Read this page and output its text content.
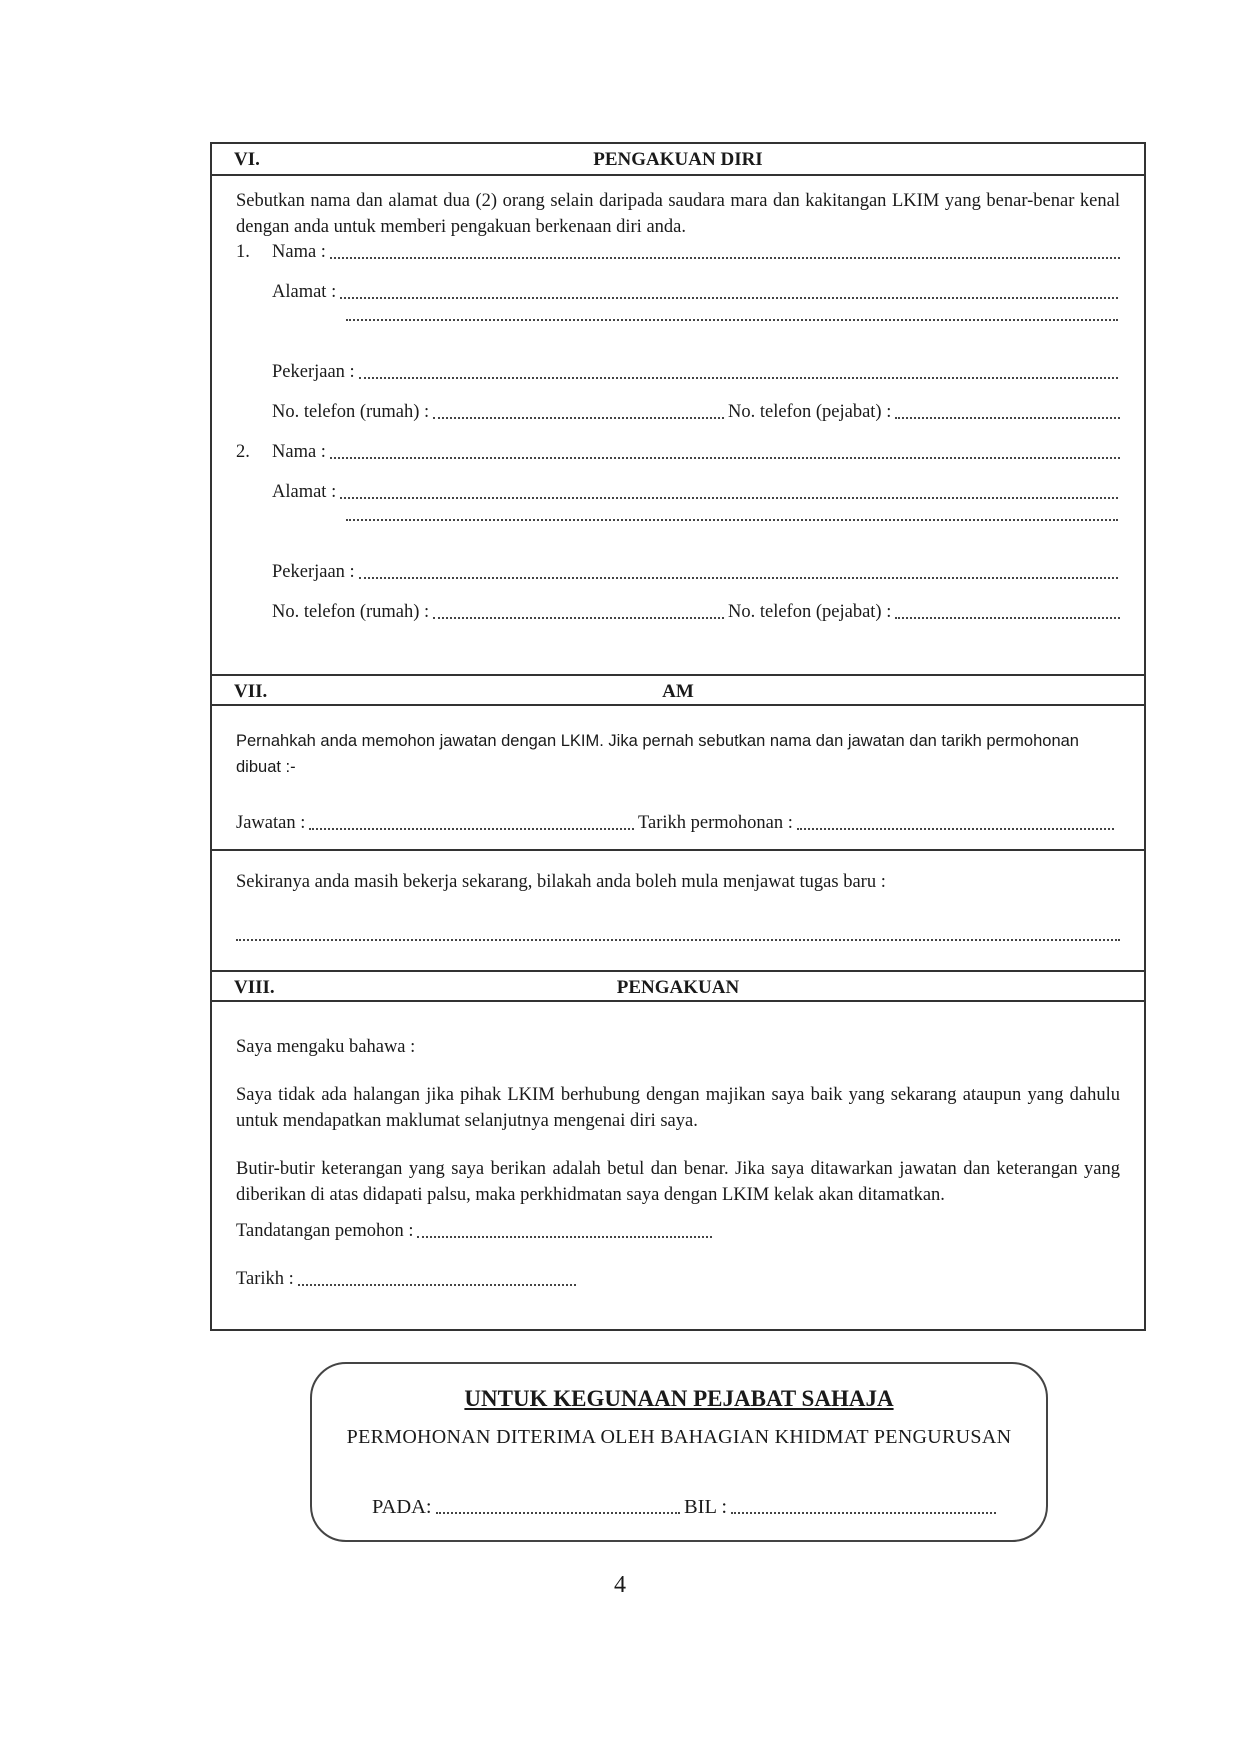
VI.	PENGAKUAN DIRI
Sebutkan nama dan alamat dua (2) orang selain daripada saudara mara dan kakitangan LKIM yang benar-benar kenal dengan anda untuk memberi pengakuan berkenaan diri anda.
1. Nama :
Alamat :
Pekerjaan :
No. telefon (rumah) :	No. telefon (pejabat) :
2. Nama :
Alamat :
Pekerjaan :
No. telefon (rumah) :	No. telefon (pejabat) :
VII.	AM
Pernahkah anda memohon jawatan dengan LKIM. Jika pernah sebutkan nama dan jawatan dan tarikh permohonan dibuat :-
Jawatan :	Tarikh permohonan :
Sekiranya anda masih bekerja sekarang, bilakah anda boleh mula menjawat tugas baru :
VIII.	PENGAKUAN
Saya mengaku bahawa :
Saya tidak ada halangan jika pihak LKIM berhubung dengan majikan saya baik yang sekarang ataupun yang dahulu untuk mendapatkan maklumat selanjutnya mengenai diri saya.
Butir-butir keterangan yang saya berikan adalah betul dan benar. Jika saya ditawarkan jawatan dan keterangan yang diberikan di atas didapati palsu, maka perkhidmatan saya dengan LKIM kelak akan ditamatkan.
Tandatangan pemohon :
Tarikh :
UNTUK KEGUNAAN PEJABAT SAHAJA
PERMOHONAN DITERIMA OLEH BAHAGIAN KHIDMAT PENGURUSAN
PADA:	BIL :
4
